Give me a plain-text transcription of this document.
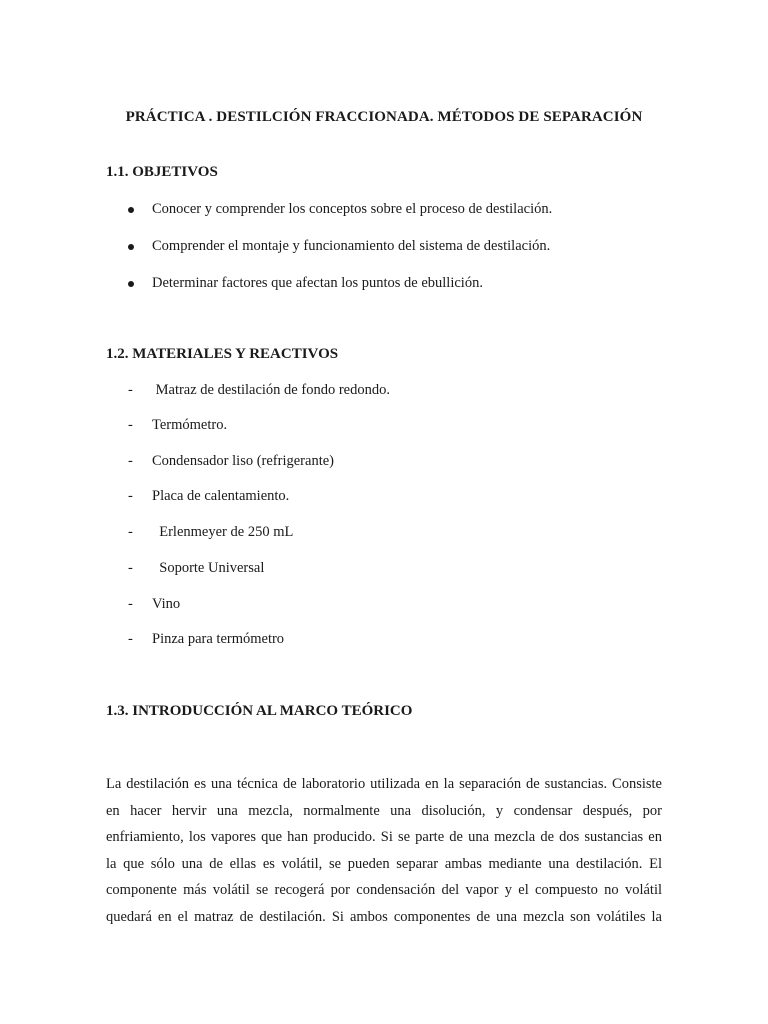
PRÁCTICA . DESTILCIÓN FRACCIONADA. MÉTODOS DE SEPARACIÓN
1.1. OBJETIVOS
Conocer y comprender los conceptos sobre el proceso de destilación.
Comprender el montaje y funcionamiento del sistema de destilación.
Determinar factores que afectan los puntos de ebullición.
1.2. MATERIALES Y REACTIVOS
- Matraz de destilación de fondo redondo.
- Termómetro.
- Condensador liso (refrigerante)
- Placa de calentamiento.
- Erlenmeyer de 250 mL
- Soporte Universal
- Vino
- Pinza para termómetro
1.3. INTRODUCCIÓN AL MARCO TEÓRICO
La destilación es una técnica de laboratorio utilizada en la separación de sustancias. Consiste
en hacer hervir una mezcla, normalmente una disolución, y condensar después, por
enfriamiento, los vapores que han producido. Si se parte de una mezcla de dos sustancias en
la que sólo una de ellas es volátil, se pueden separar ambas mediante una destilación. El
componente más volátil se recogerá por condensación del vapor y el compuesto no volátil
quedará en el matraz de destilación. Si ambos componentes de una mezcla son volátiles la
